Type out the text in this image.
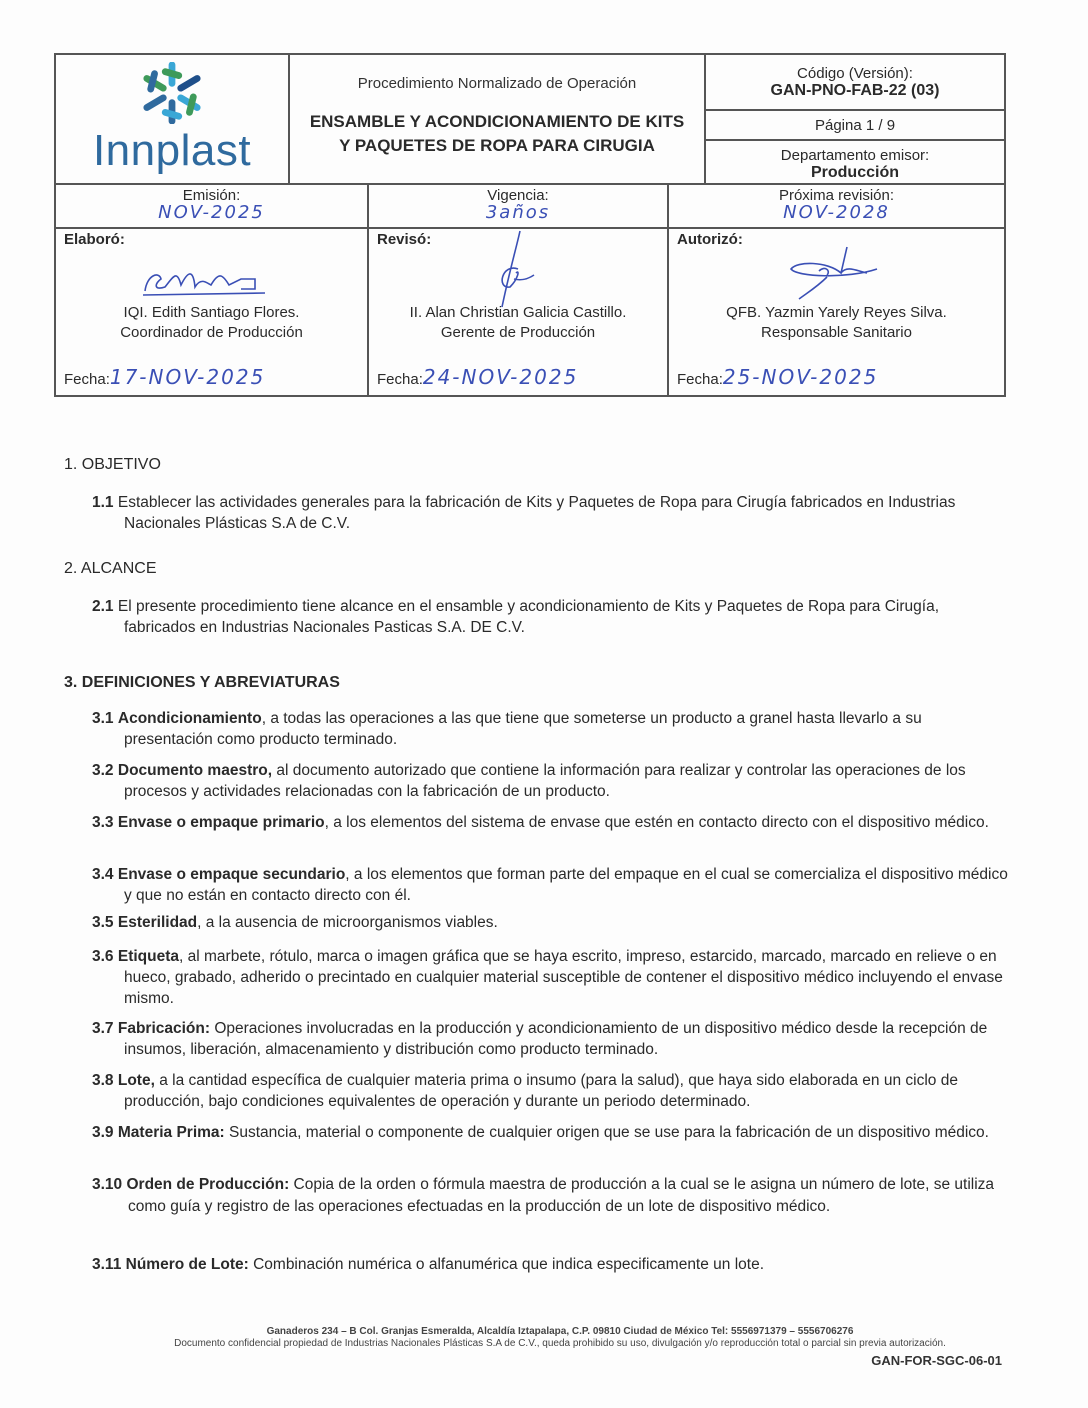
Innplast
Procedimiento Normalizado de Operación
ENSAMBLE Y ACONDICIONAMIENTO DE KITS
Y PAQUETES DE ROPA PARA CIRUGIA
Código (Versión):
GAN-PNO-FAB-22 (03)
Página 1 / 9
Departamento emisor:
Producción
Emisión:
NOV-2025
Vigencia:
3años
Próxima revisión:
NOV-2028
Elaboró:
IQI. Edith Santiago Flores.
Coordinador de Producción
Fecha:17-NOV-2025
Revisó:
II. Alan Christian Galicia Castillo.
Gerente de Producción
Fecha:24-NOV-2025
Autorizó:
QFB. Yazmin Yarely Reyes Silva.
Responsable Sanitario
Fecha:25-NOV-2025
1. OBJETIVO
1.1 Establecer las actividades generales para la fabricación de Kits y Paquetes de Ropa para Cirugía fabricados en Industrias Nacionales Plásticas S.A de C.V.
2. ALCANCE
2.1 El presente procedimiento tiene alcance en el ensamble y acondicionamiento de Kits y Paquetes de Ropa para Cirugía, fabricados en Industrias Nacionales Pasticas S.A. DE C.V.
3. DEFINICIONES Y ABREVIATURAS
3.1 Acondicionamiento, a todas las operaciones a las que tiene que someterse un producto a granel hasta llevarlo a su presentación como producto terminado.
3.2 Documento maestro, al documento autorizado que contiene la información para realizar y controlar las operaciones de los procesos y actividades relacionadas con la fabricación de un producto.
3.3 Envase o empaque primario, a los elementos del sistema de envase que estén en contacto directo con el dispositivo médico.
3.4 Envase o empaque secundario, a los elementos que forman parte del empaque en el cual se comercializa el dispositivo médico y que no están en contacto directo con él.
3.5 Esterilidad, a la ausencia de microorganismos viables.
3.6 Etiqueta, al marbete, rótulo, marca o imagen gráfica que se haya escrito, impreso, estarcido, marcado, marcado en relieve o en hueco, grabado, adherido o precintado en cualquier material susceptible de contener el dispositivo médico incluyendo el envase mismo.
3.7 Fabricación: Operaciones involucradas en la producción y acondicionamiento de un dispositivo médico desde la recepción de insumos, liberación, almacenamiento y distribución como producto terminado.
3.8 Lote, a la cantidad específica de cualquier materia prima o insumo (para la salud), que haya sido elaborada en un ciclo de producción, bajo condiciones equivalentes de operación y durante un periodo determinado.
3.9 Materia Prima: Sustancia, material o componente de cualquier origen que se use para la fabricación de un dispositivo médico.
3.10 Orden de Producción: Copia de la orden o fórmula maestra de producción a la cual se le asigna un número de lote, se utiliza como guía y registro de las operaciones efectuadas en la producción de un lote de dispositivo médico.
3.11 Número de Lote: Combinación numérica o alfanumérica que indica especificamente un lote.
Ganaderos 234 – B Col. Granjas Esmeralda, Alcaldía Iztapalapa, C.P. 09810 Ciudad de México Tel: 5556971379 – 5556706276
Documento confidencial propiedad de Industrias Nacionales Plásticas S.A de C.V., queda prohibido su uso, divulgación y/o reproducción total o parcial sin previa autorización.
GAN-FOR-SGC-06-01
